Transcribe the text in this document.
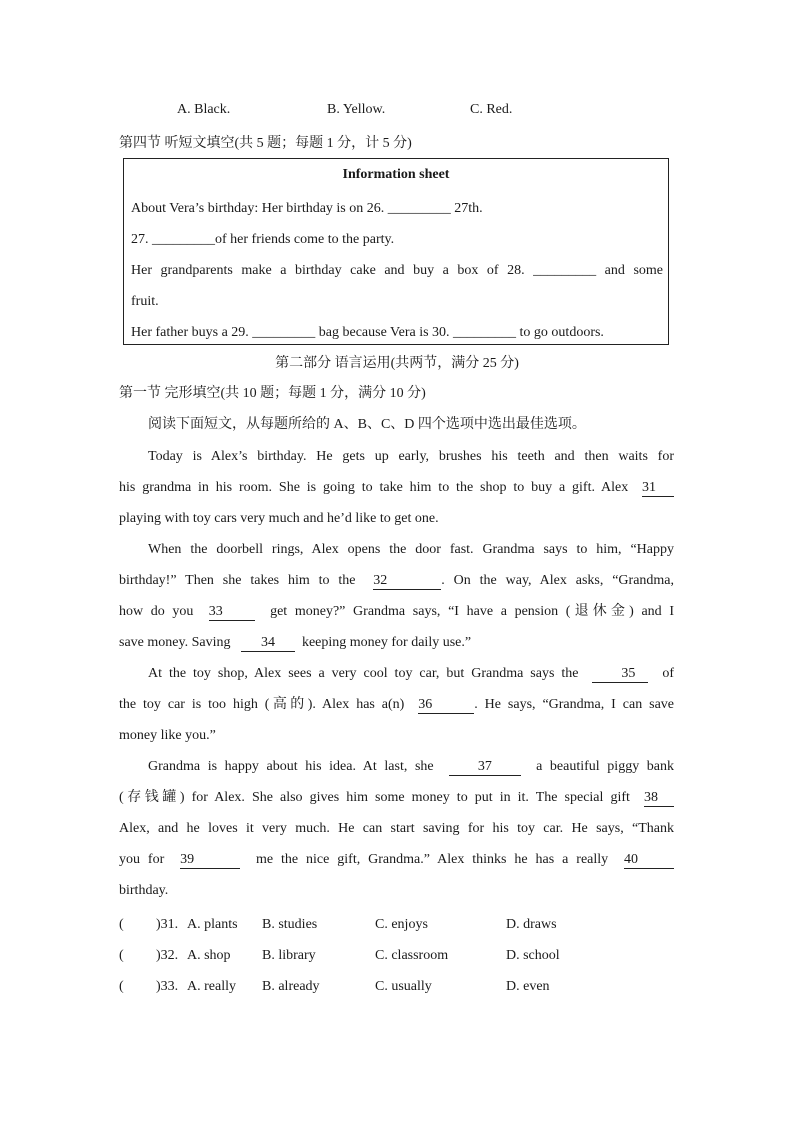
A. Black.	B. Yellow.	C. Red.
第四节 听短文填空(共 5 题；每题 1 分，计 5 分)
Information sheet
About Vera’s birthday: Her birthday is on 26. _________ 27th.
27. _________of her friends come to the party.
Her grandparents make a birthday cake and buy a box of 28. _________ and some
fruit.
Her father buys a 29. _________ bag because Vera is 30. _________ to go outdoors.
第二部分 语言运用(共两节，满分 25 分)
第一节 完形填空(共 10 题；每题 1 分，满分 10 分)
阅读下面短文，从每题所给的 A、B、C、D 四个选项中选出最佳选项。
Today is Alex’s birthday. He gets up early, brushes his teeth and then waits for
his grandma in his room. She is going to take him to the shop to buy a gift. Alex 31
playing with toy cars very much and he’d like to get one.
When the doorbell rings, Alex opens the door fast. Grandma says to him, “Happy
birthday!” Then she takes him to the 32	. On the way, Alex asks, “Grandma,
how do you 33	get money?” Grandma says, “I have a pension (退休金) and I
save money. Saving 34 keeping money for daily use.”
At the toy shop, Alex sees a very cool toy car, but Grandma says the	35 of
the toy car is too high (高的). Alex has a(n) 36	. He says, “Grandma, I can save
money like you.”
Grandma is happy about his idea. At last, she	37	a beautiful piggy bank
(存钱罐) for Alex. She also gives him some money to put in it. The special gift 38
Alex, and he loves it very much. He can start saving for his toy car. He says, “Thank
you for 39	me the nice gift, Grandma.” Alex thinks he has a really 40
birthday.
( )31. A. plants B. studies	C. enjoys	D. draws
( )32. A. shop B. library	C. classroom	D. school
( )33. A. really B. already	C. usually	D. even
